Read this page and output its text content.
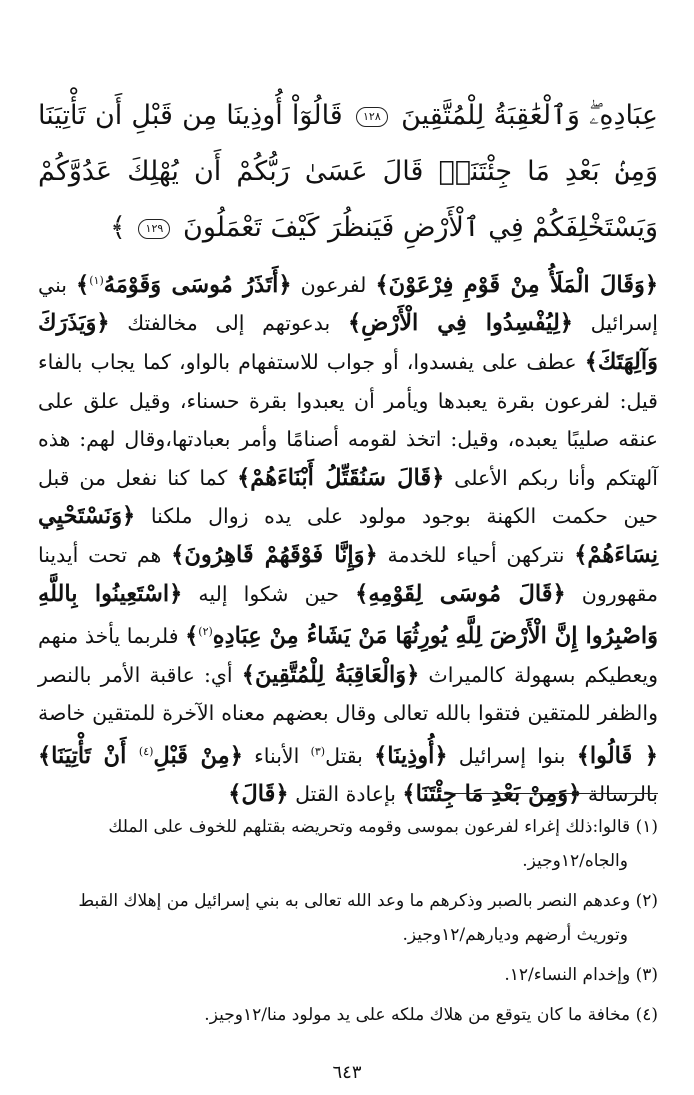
عِبَادِهِۦۖ وَٱلْعَٰقِبَةُ لِلْمُتَّقِينَ ١٢٨ قَالُوٓاْ أُوذِينَا مِن قَبْلِ أَن تَأْتِيَنَا وَمِنۢ بَعْدِ مَا جِئْتَنَاۚ قَالَ عَسَىٰ رَبُّكُمْ أَن يُهْلِكَ عَدُوَّكُمْ وَيَسْتَخْلِفَكُمْ فِي ٱلْأَرْضِ فَيَنظُرَ كَيْفَ تَعْمَلُونَ ١٢٩ ﴾

﴿وَقَالَ الْمَلَأُ مِنْ قَوْمِ فِرْعَوْنَ﴾ لفرعون ﴿أَتَذَرُ مُوسَى وَقَوْمَهُ$^{(١)}$﴾ بني إسرائيل ﴿لِيُفْسِدُوا فِي الْأَرْضِ﴾ بدعوتهم إلى مخالفتك ﴿وَيَذَرَكَ وَآلِهَتَكَ﴾ عطف على يفسدوا، أو جواب للاستفهام بالواو، كما يجاب بالفاء قيل: لفرعون بقرة يعبدها ويأمر أن يعبدوا بقرة حسناء، وقيل علق على عنقه صليبًا يعبده، وقيل: اتخذ لقومه أصنامًا وأمر بعبادتها،وقال لهم: هذه آلهتكم وأنا ربكم الأعلى ﴿قَالَ سَنُقَتِّلُ أَبْنَاءَهُمْ﴾ كما كنا نفعل من قبل حين حكمت الكهنة بوجود مولود على يده زوال ملكنا ﴿وَنَسْتَحْيِي نِسَاءَهُمْ﴾ نتركهن أحياء للخدمة ﴿وَإِنَّا فَوْقَهُمْ قَاهِرُونَ﴾ هم تحت أيدينا مقهورون ﴿قَالَ مُوسَى لِقَوْمِهِ﴾ حين شكوا إليه ﴿اسْتَعِينُوا بِاللَّهِ وَاصْبِرُوا إِنَّ الْأَرْضَ لِلَّهِ يُورِثُهَا مَنْ يَشَاءُ مِنْ عِبَادِهِ$^{(٢)}$﴾ فلربما يأخذ منهم ويعطيكم بسهولة كالميراث ﴿وَالْعَاقِبَةُ لِلْمُتَّقِينَ﴾ أي: عاقبة الأمر بالنصر والظفر للمتقين فتقوا بالله تعالى وقال بعضهم معناه الآخرة للمتقين خاصة ﴿ قَالُوا﴾ بنوا إسرائيل ﴿أُوذِينَا﴾ بقتل$^{(٣)}$ الأبناء ﴿مِنْ قَبْلِ$^{(٤)}$ أَنْ تَأْتِيَنَا﴾ بالرسالة ﴿وَمِنْ بَعْدِ مَا جِئْتَنَا﴾ بإعادة القتل ﴿قَالَ﴾

(١) قالوا:ذلك إغراء لفرعون بموسى وقومه وتحريضه بقتلهم للخوف على الملك
والجاه/١٢وجيز.
(٢) وعدهم النصر بالصبر وذكرهم ما وعد الله تعالى به بني إسرائيل من إهلاك القبط
وتوريث أرضهم وديارهم/١٢وجيز.
(٣) وإخدام النساء/١٢.
(٤) مخافة ما كان يتوقع من هلاك ملكه على يد مولود منا/١٢وجيز.
٦٤٣
